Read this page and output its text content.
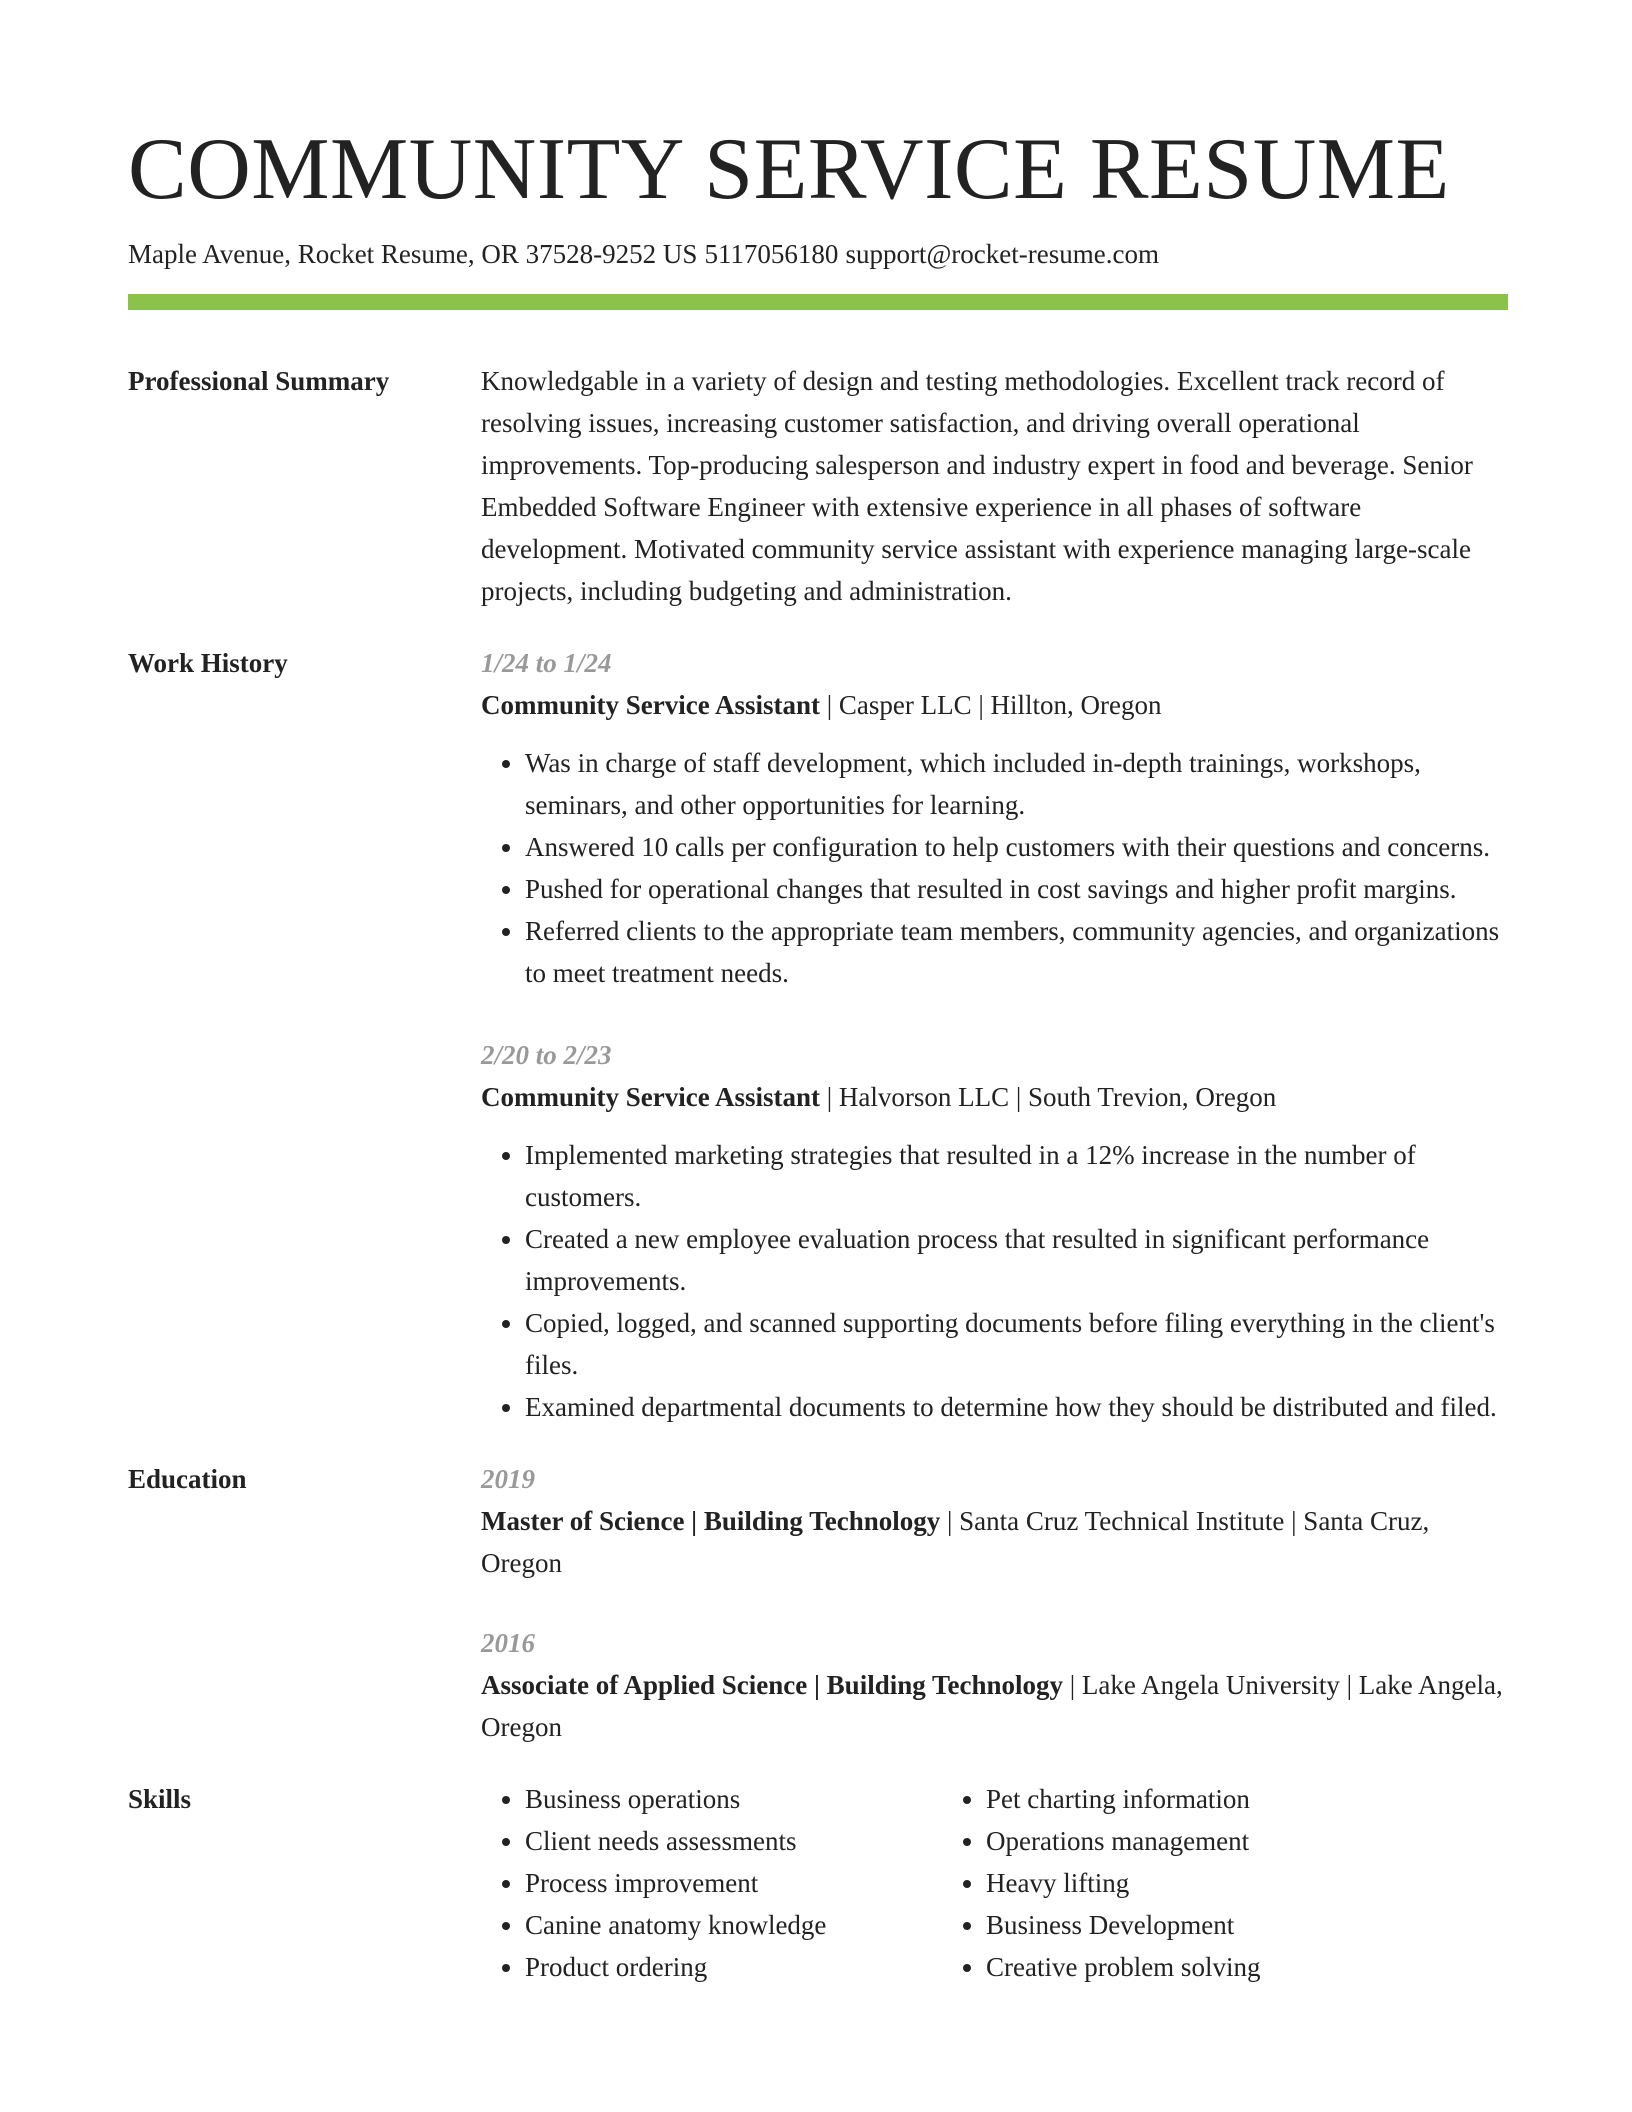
COMMUNITY SERVICE RESUME
Maple Avenue, Rocket Resume, OR 37528-9252 US 5117056180 support@rocket-resume.com
Professional Summary	Knowledgable in a variety of design and testing methodologies. Excellent track record of resolving issues, increasing customer satisfaction, and driving overall operational improvements. Top-producing salesperson and industry expert in food and beverage. Senior Embedded Software Engineer with extensive experience in all phases of software development. Motivated community service assistant with experience managing large-scale projects, including budgeting and administration.

Work History	1/24 to 1/24
Community Service Assistant | Casper LLC | Hillton, Oregon
• Was in charge of staff development, which included in-depth trainings, workshops, seminars, and other opportunities for learning.
• Answered 10 calls per configuration to help customers with their questions and concerns.
• Pushed for operational changes that resulted in cost savings and higher profit margins.
• Referred clients to the appropriate team members, community agencies, and organizations to meet treatment needs.
2/20 to 2/23
Community Service Assistant | Halvorson LLC | South Trevion, Oregon
• Implemented marketing strategies that resulted in a 12% increase in the number of customers.
• Created a new employee evaluation process that resulted in significant performance improvements.
• Copied, logged, and scanned supporting documents before filing everything in the client's files.
• Examined departmental documents to determine how they should be distributed and filed.
Education	2019
Master of Science | Building Technology | Santa Cruz Technical Institute | Santa Cruz, Oregon
2016
Associate of Applied Science | Building Technology | Lake Angela University | Lake Angela, Oregon
Skills
•	Business operations
• Client needs assessments
• Process improvement
• Canine anatomy knowledge
• Product ordering
• Pet charting information
• Operations management
• Heavy lifting
• Business Development
• Creative problem solving
